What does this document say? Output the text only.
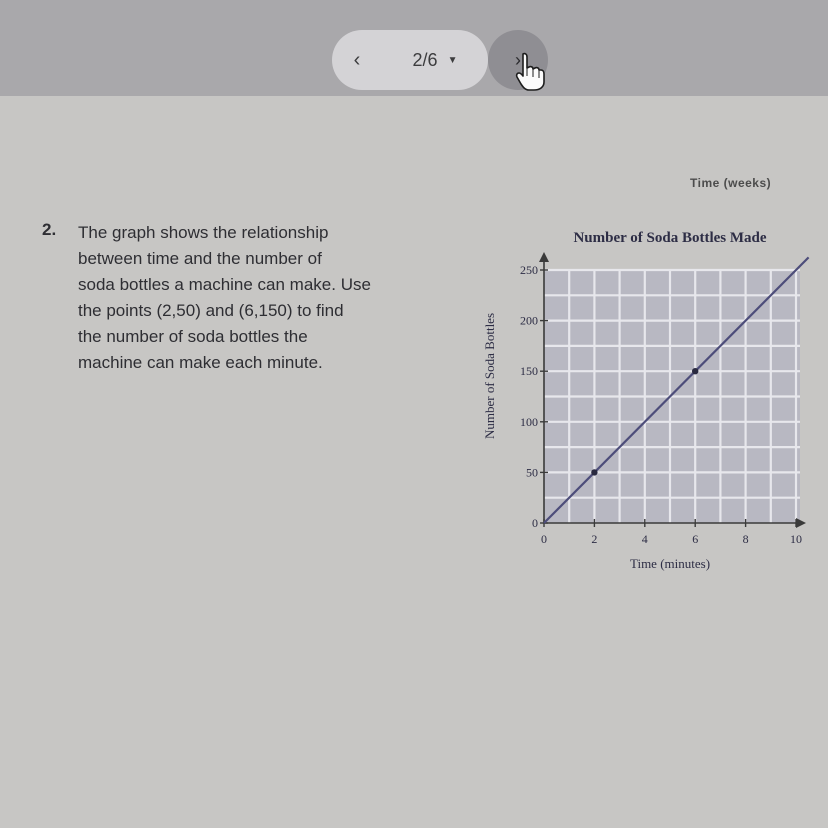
‹	2/6 ▼	›
Time (weeks)
2. The graph shows the relationship
between time and the number of
soda bottles a machine can make. Use
the points (2,50) and (6,150) to find
the number of soda bottles the
machine can make each minute.

Number of Soda Bottles Made
0	2	4	6	8	10
0
50
100
150
200
250
Time (minutes)
Number of Soda Bottles
